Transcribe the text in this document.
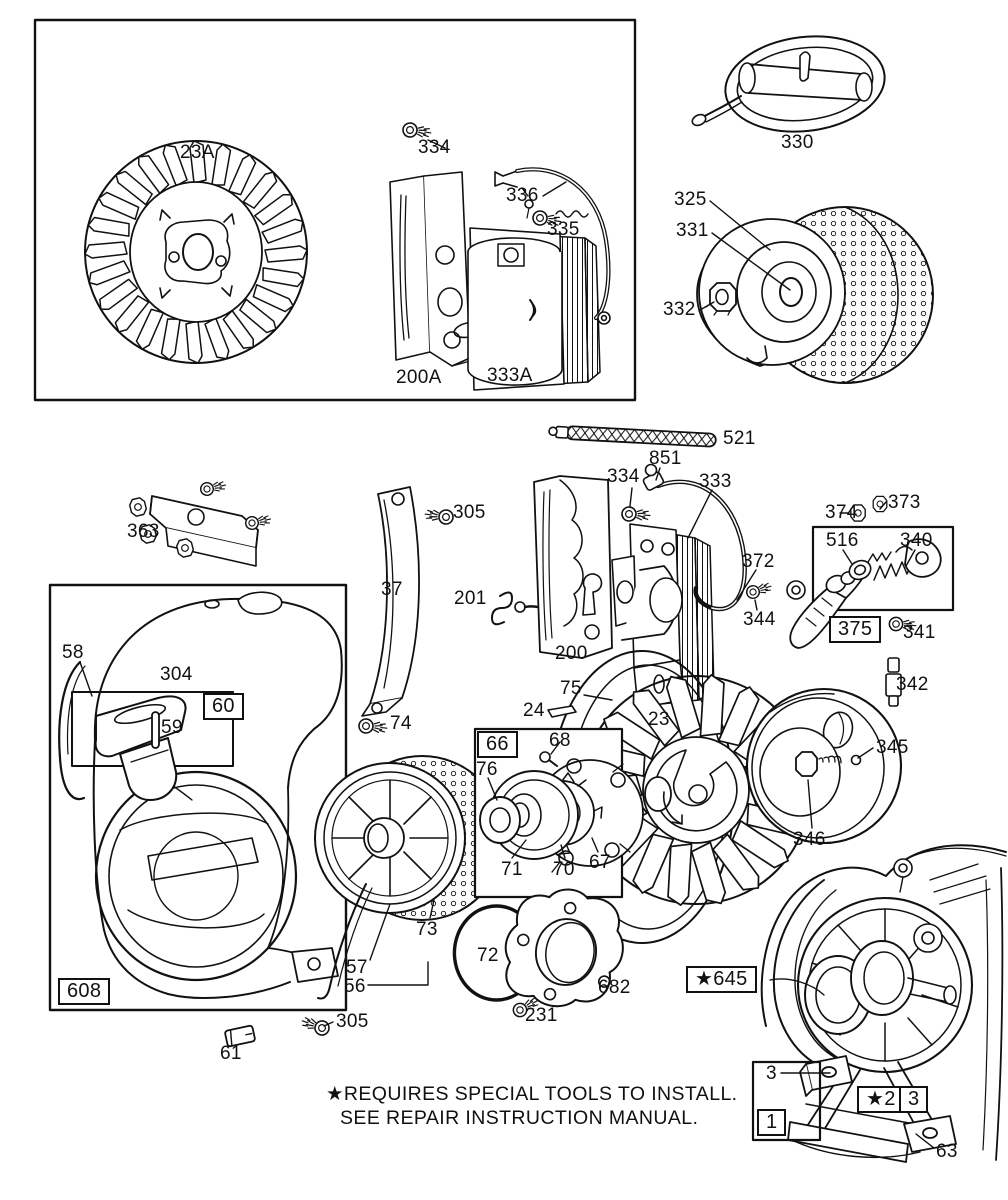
23A	334
336
335
200A 333A
330
325
331
332
521
851
334	333
363
305
37	201
200
372
344
374 373
516 340
341
342
58
304
59	74
75
24	23
68
76
71 70 67
345
346
73
57
56
305
61
72
682
231
3
63
60
66
375
608
★645
1
★2 3
★REQUIRES SPECIAL TOOLS TO INSTALL.
SEE REPAIR INSTRUCTION MANUAL.
